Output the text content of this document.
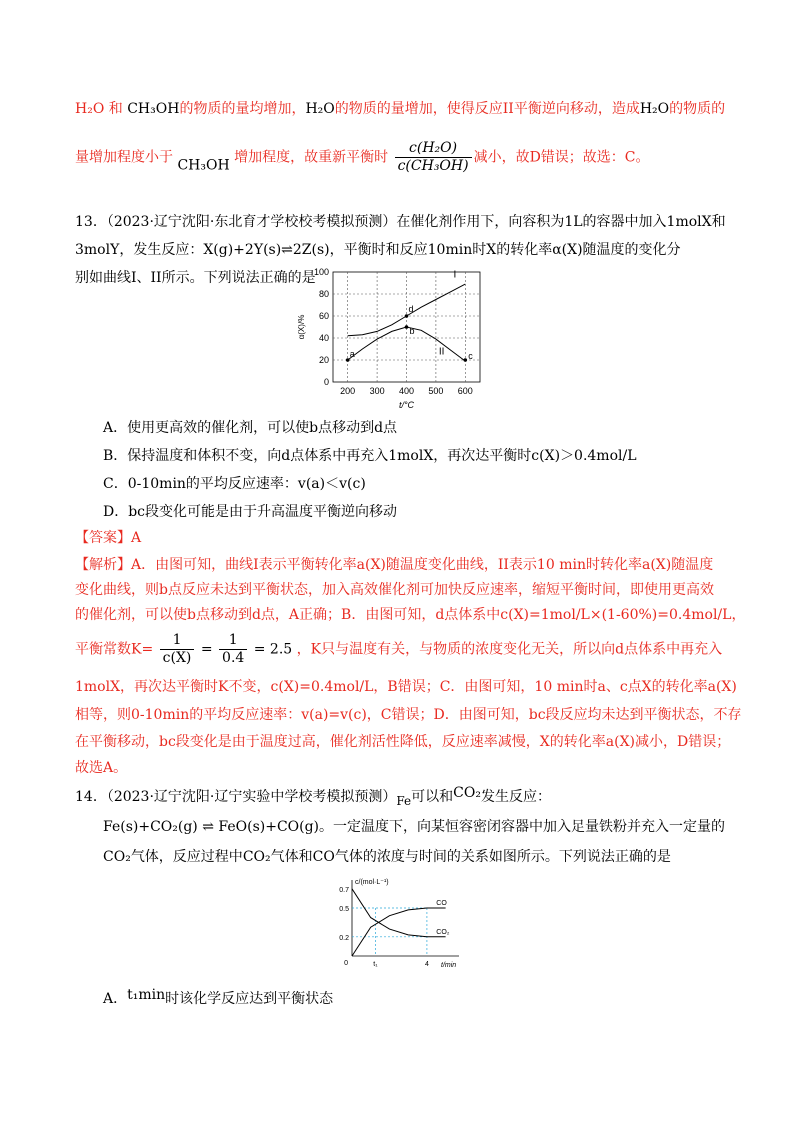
H₂O 和 CH₃OH的物质的量均增加，H₂O的物质的量增加，使得反应II平衡逆向移动，造成H₂O的物质的
量增加程度小于 CH₃OH 增加程度，故重新平衡时 $\frac{\text{c(H₂O)}}{\text{c(CH₃OH)}}$ 减小，故D错误；故选：C。
13．（2023·辽宁沈阳·东北育才学校校考模拟预测）在催化剂作用下，向容积为1L的容器中加入1molX和
3molY，发生反应：X(g)+2Y(s)⇌2Z(s)，平衡时和反应10min时X的转化率α(X)随温度的变化分
别如曲线I、II所示。下列说法正确的是
0
20
40
60
80
100
200 300 400 500 600
α(X)/%
t/°C
I
II
a
d
b
c
A．使用更高效的催化剂，可以使b点移动到d点
B．保持温度和体积不变，向d点体系中再充入1molX，再次达平衡时c(X)＞0.4mol/L
C．0-10min的平均反应速率：v(a)＜v(c)
D．bc段变化可能是由于升高温度平衡逆向移动
【答案】A
【解析】A．由图可知，曲线I表示平衡转化率a(X)随温度变化曲线，II表示10 min时转化率a(X)随温度
变化曲线，则b点反应未达到平衡状态，加入高效催化剂可加快反应速率，缩短平衡时间，即使用更高效
的催化剂，可以使b点移动到d点，A正确；B．由图可知，d点体系中c(X)=1mol/L×(1-60%)=0.4mol/L，
平衡常数$K= \frac{1}{c(X)} = \frac{1}{0.4} = 2.5$ ，K只与温度有关，与物质的浓度变化无关，所以向d点体系中再充入
1molX，再次达平衡时K不变，c(X)=0.4mol/L，B错误；C．由图可知，10 min时a、c点X的转化率a(X)
相等，则0-10min的平均反应速率：v(a)=v(c)，C错误；D．由图可知，bc段反应均未达到平衡状态，不存
在平衡移动，bc段变化是由于温度过高，催化剂活性降低，反应速率减慢，X的转化率a(X)减小，D错误；
故选A。
14．（2023·辽宁沈阳·辽宁实验中学校考模拟预测）Fe可以和CO₂发生反应：
Fe(s)+CO₂(g) ⇌ FeO(s)+CO(g)。一定温度下，向某恒容密闭容器中加入足量铁粉并充入一定量的
CO₂气体，反应过程中CO₂气体和CO气体的浓度与时间的关系如图所示。下列说法正确的是
0
c/(mol·L⁻¹)
t/min
0.7
0.5
0.2
t₁	4
CO
CO₂
A．t₁min时该化学反应达到平衡状态
